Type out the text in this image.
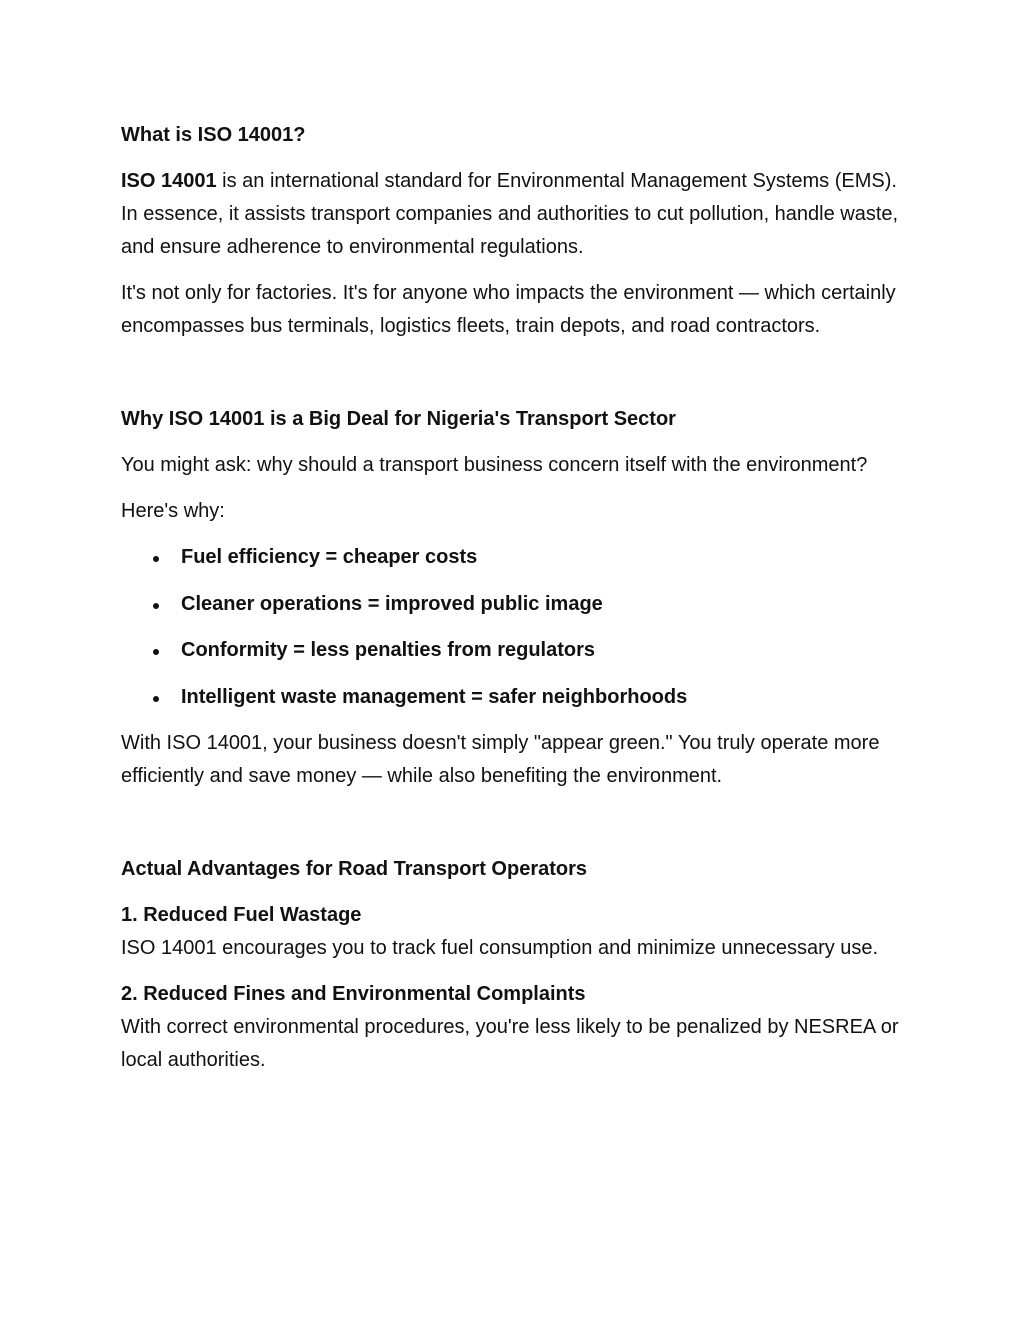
What is ISO 14001?

ISO 14001 is an international standard for Environmental Management Systems (EMS). In essence, it assists transport companies and authorities to cut pollution, handle waste, and ensure adherence to environmental regulations.

It's not only for factories. It's for anyone who impacts the environment — which certainly encompasses bus terminals, logistics fleets, train depots, and road contractors.

Why ISO 14001 is a Big Deal for Nigeria's Transport Sector

You might ask: why should a transport business concern itself with the environment?

Here's why:

Fuel efficiency = cheaper costs
Cleaner operations = improved public image
Conformity = less penalties from regulators
Intelligent waste management = safer neighborhoods

With ISO 14001, your business doesn't simply "appear green." You truly operate more efficiently and save money — while also benefiting the environment.

Actual Advantages for Road Transport Operators

1. Reduced Fuel Wastage

ISO 14001 encourages you to track fuel consumption and minimize unnecessary use.

2. Reduced Fines and Environmental Complaints

With correct environmental procedures, you're less likely to be penalized by NESREA or local authorities.
